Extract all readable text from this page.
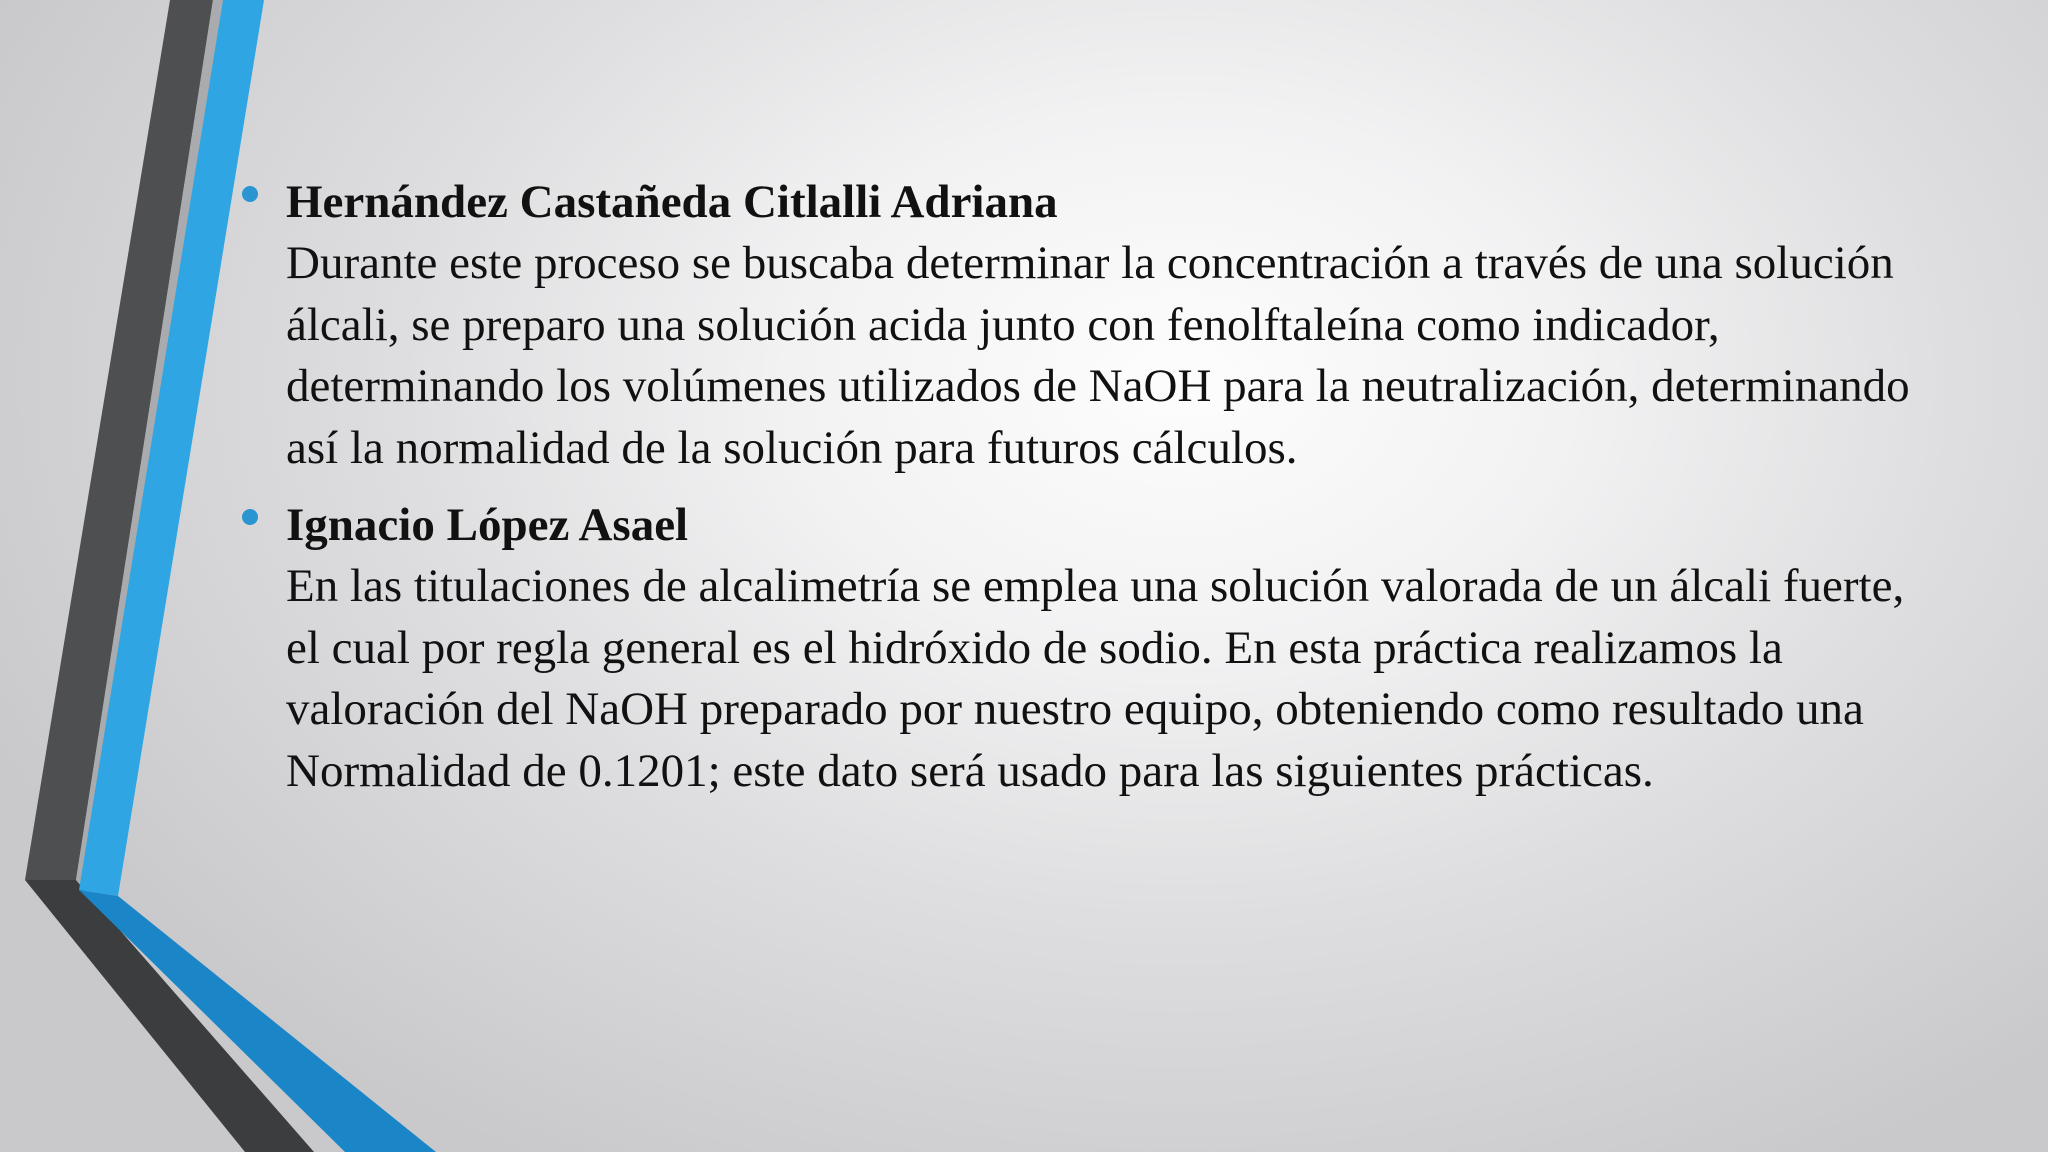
Hernández Castañeda Citlalli Adriana
Durante este proceso se buscaba determinar la concentración a través de una solución álcali, se preparo una solución acida junto con fenolftaleína como indicador, determinando los volúmenes utilizados de NaOH para la neutralización, determinando así la normalidad de la solución para futuros cálculos.
Ignacio López Asael
En las titulaciones de alcalimetría se emplea una solución valorada de un álcali fuerte, el cual por regla general es el hidróxido de sodio. En esta práctica realizamos la valoración del NaOH preparado por nuestro equipo, obteniendo como resultado una Normalidad de 0.1201; este dato será usado para las siguientes prácticas.
